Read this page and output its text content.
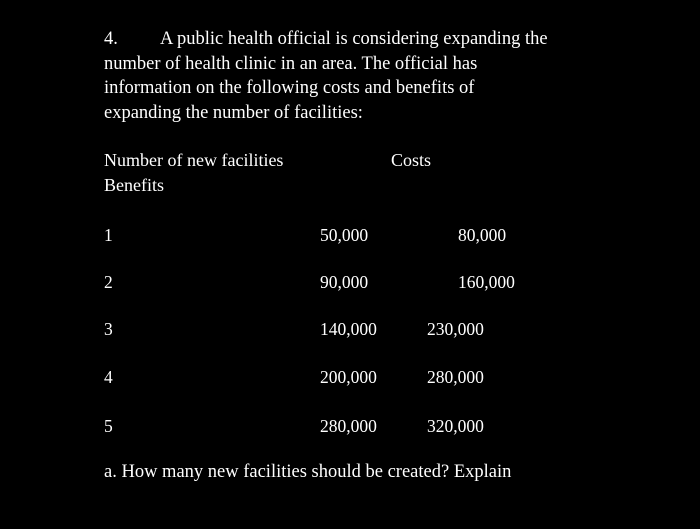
4. A public health official is considering expanding the
number of health clinic in an area. The official has
information on the following costs and benefits of
expanding the number of facilities:
Number of new facilities	Costs
Benefits
1	50,000	80,000
2	90,000	160,000
3	140,000	230,000
4	200,000	280,000
5	280,000	320,000
a. How many new facilities should be created? Explain
